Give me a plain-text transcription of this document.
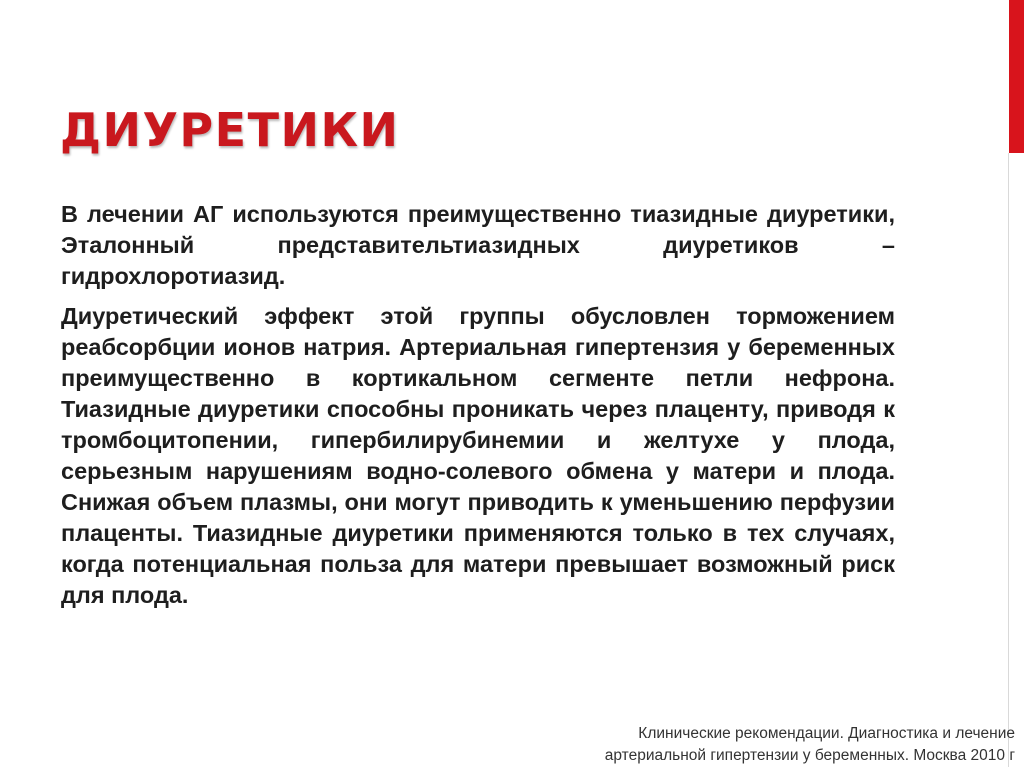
ДИУРЕТИКИ

В лечении АГ используются преимущественно тиазидные диуретики, Эталонный представительтиазидных диуретиков – гидрохлоротиазид.

Диуретический эффект этой группы обусловлен торможением реабсорбции ионов натрия. Артериальная гипертензия у беременных преимущественно в кортикальном сегменте петли нефрона. Тиазидные диуретики способны проникать через плаценту, приводя к тромбоцитопении, гипербилирубинемии и желтухе у плода, серьезным нарушениям водно-солевого обмена у матери и плода. Снижая объем плазмы, они могут приводить к уменьшению перфузии плаценты. Тиазидные диуретики применяются только в тех случаях, когда потенциальная польза для матери превышает возможный риск для плода.

Клинические рекомендации. Диагностика и лечение
артериальной гипертензии у беременных. Москва 2010 г
